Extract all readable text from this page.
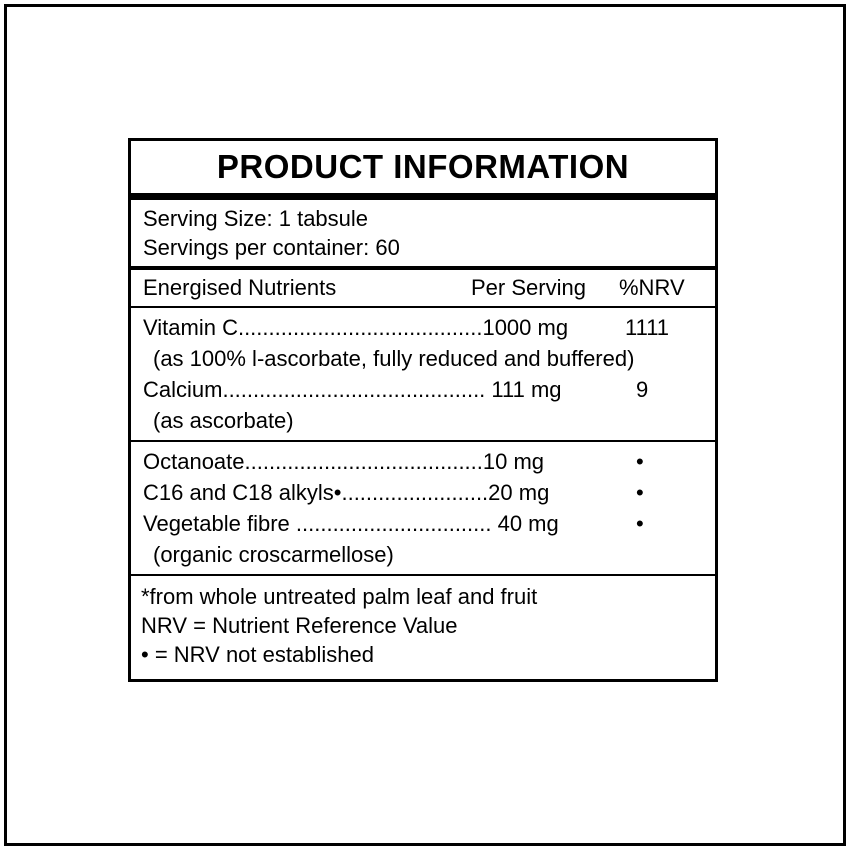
PRODUCT INFORMATION
Serving Size: 1 tabsule
Servings per container: 60
Energised Nutrients	Per Serving %NRV
Vitamin C........................................1000 mg	1111
(as 100% l-ascorbate, fully reduced and buffered)
Calcium........................................... 111 mg	9
(as ascorbate)
Octanoate.......................................10 mg	•
C16 and C18 alkyls•........................20 mg	•
Vegetable fibre ................................ 40 mg	•
(organic croscarmellose)
*from whole untreated palm leaf and fruit
NRV = Nutrient Reference Value
• = NRV not established
